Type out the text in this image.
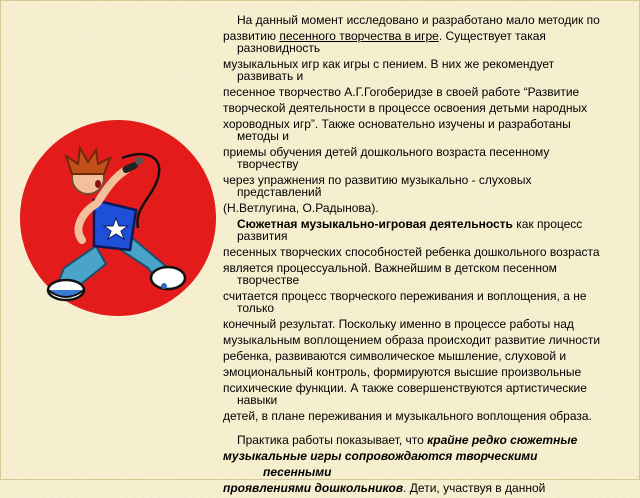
На данный момент исследовано и разработано мало методик по
развитию песенного творчества в игре. Существует такая
разновидность
музыкальных игр как игры с пением. В них же рекомендует
развивать и
песенное творчество А.Г.Гогоберидзе в своей работе “Развитие
творческой деятельности в процессе освоения детьми народных
хороводных игр”. Также основательно изучены и разработаны
методы и
приемы обучения детей дошкольного возраста песенному
творчеству
через упражнения по развитию музыкально - слуховых
представлений
(Н.Ветлугина, О.Радынова).
Сюжетная музыкально-игровая деятельность как процесс
развития
песенных творческих способностей ребенка дошкольного возраста
является процессуальной. Важнейшим в детском песенном
творчестве
считается процесс творческого переживания и воплощения, а не
только
конечный результат. Поскольку именно в процессе работы над
музыкальным воплощением образа происходит развитие личности
ребенка, развиваются символическое мышление, слуховой и
эмоциональный контроль, формируются высшие произвольные
психические функции. А также совершенствуются артистические
навыки
детей, в плане переживания и музыкального воплощения образа.
Практика работы показывает, что крайне редко сюжетные
музыкальные игры сопровождаются творческими
песенными
проявлениями дошкольников. Дети, участвуя в данной
